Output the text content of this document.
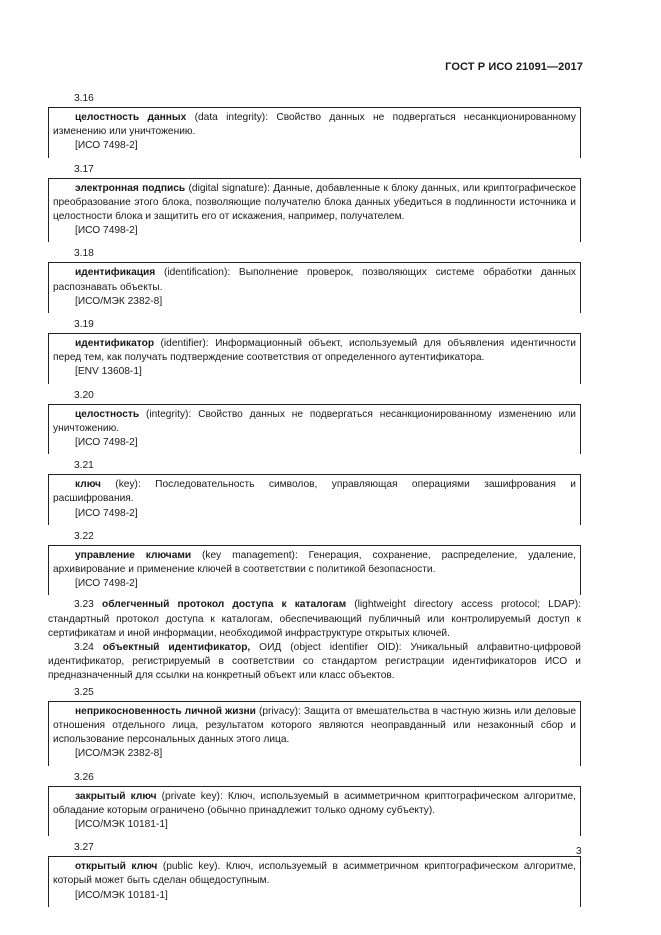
ГОСТ Р ИСО 21091—2017
3.16
целостность данных (data integrity): Свойство данных не подвергаться несанкционированному изменению или уничтожению.
[ИСО 7498-2]
3.17
электронная подпись (digital signature): Данные, добавленные к блоку данных, или криптографическое преобразование этого блока, позволяющие получателю блока данных убедиться в подлинности источника и целостности блока и защитить его от искажения, например, получателем.
[ИСО 7498-2]
3.18
идентификация (identification): Выполнение проверок, позволяющих системе обработки данных распознавать объекты.
[ИСО/МЭК 2382-8]
3.19
идентификатор (identifier): Информационный объект, используемый для объявления идентичности перед тем, как получать подтверждение соответствия от определенного аутентификатора.
[ENV 13608-1]
3.20
целостность (integrity): Свойство данных не подвергаться несанкционированному изменению или уничтожению.
[ИСО 7498-2]
3.21
ключ (key): Последовательность символов, управляющая операциями зашифрования и расшифрования.
[ИСО 7498-2]
3.22
управление ключами (key management): Генерация, сохранение, распределение, удаление, архивирование и применение ключей в соответствии с политикой безопасности.
[ИСО 7498-2]
3.23 облегченный протокол доступа к каталогам (lightweight directory access protocol; LDAP): стандартный протокол доступа к каталогам, обеспечивающий публичный или контролируемый доступ к сертификатам и иной информации, необходимой инфраструктуре открытых ключей.
3.24 объектный идентификатор, ОИД (object identifier OID): Уникальный алфавитно-цифровой идентификатор, регистрируемый в соответствии со стандартом регистрации идентификаторов ИСО и предназначенный для ссылки на конкретный объект или класс объектов.
3.25
неприкосновенность личной жизни (privacy): Защита от вмешательства в частную жизнь или деловые отношения отдельного лица, результатом которого являются неоправданный или незаконный сбор и использование персональных данных этого лица.
[ИСО/МЭК 2382-8]
3.26
закрытый ключ (private key): Ключ, используемый в асимметричном криптографическом алгоритме, обладание которым ограничено (обычно принадлежит только одному субъекту).
[ИСО/МЭК 10181-1]
3.27
открытый ключ (public key). Ключ, используемый в асимметричном криптографическом алгоритме, который может быть сделан общедоступным.
[ИСО/МЭК 10181-1]
3
